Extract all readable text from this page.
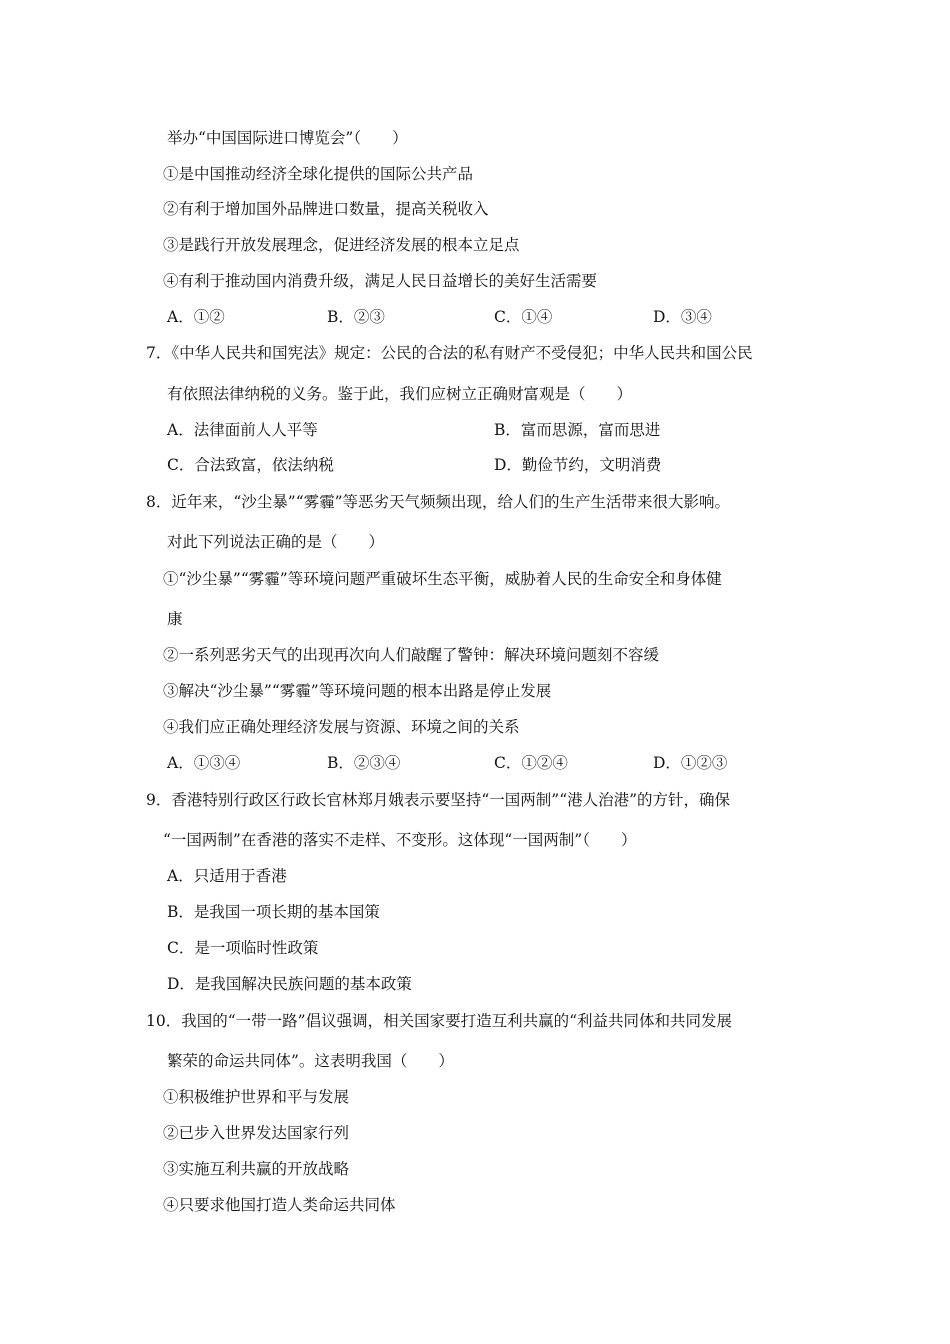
举办“中国国际进口博览会”（　　）
①是中国推动经济全球化提供的国际公共产品
②有利于增加国外品牌进口数量，提高关税收入
③是践行开放发展理念，促进经济发展的根本立足点
④有利于推动国内消费升级，满足人民日益增长的美好生活需要
A．①②	B．②③	C．①④	D．③④
7．《中华人民共和国宪法》规定：公民的合法的私有财产不受侵犯；中华人民共和国公民
有依照法律纳税的义务。鉴于此，我们应树立正确财富观是（　　）
A．法律面前人人平等	B．富而思源，富而思进
C．合法致富，依法纳税	D．勤俭节约，文明消费
8．近年来，“沙尘暴”“雾霾”等恶劣天气频频出现，给人们的生产生活带来很大影响。
对此下列说法正确的是（　　）
①“沙尘暴”“雾霾”等环境问题严重破坏生态平衡，威胁着人民的生命安全和身体健
康
②一系列恶劣天气的出现再次向人们敲醒了警钟：解决环境问题刻不容缓
③解决“沙尘暴”“雾霾”等环境问题的根本出路是停止发展
④我们应正确处理经济发展与资源、环境之间的关系
A．①③④	B．②③④	C．①②④	D．①②③
9．香港特别行政区行政长官林郑月娥表示要坚持“一国两制”“港人治港”的方针，确保
“一国两制”在香港的落实不走样、不变形。这体现“一国两制”（　　）
A．只适用于香港
B．是我国一项长期的基本国策
C．是一项临时性政策
D．是我国解决民族问题的基本政策
10．我国的“一带一路”倡议强调，相关国家要打造互利共赢的“利益共同体和共同发展
繁荣的命运共同体”。这表明我国（　　）
①积极维护世界和平与发展
②已步入世界发达国家行列
③实施互利共赢的开放战略
④只要求他国打造人类命运共同体
